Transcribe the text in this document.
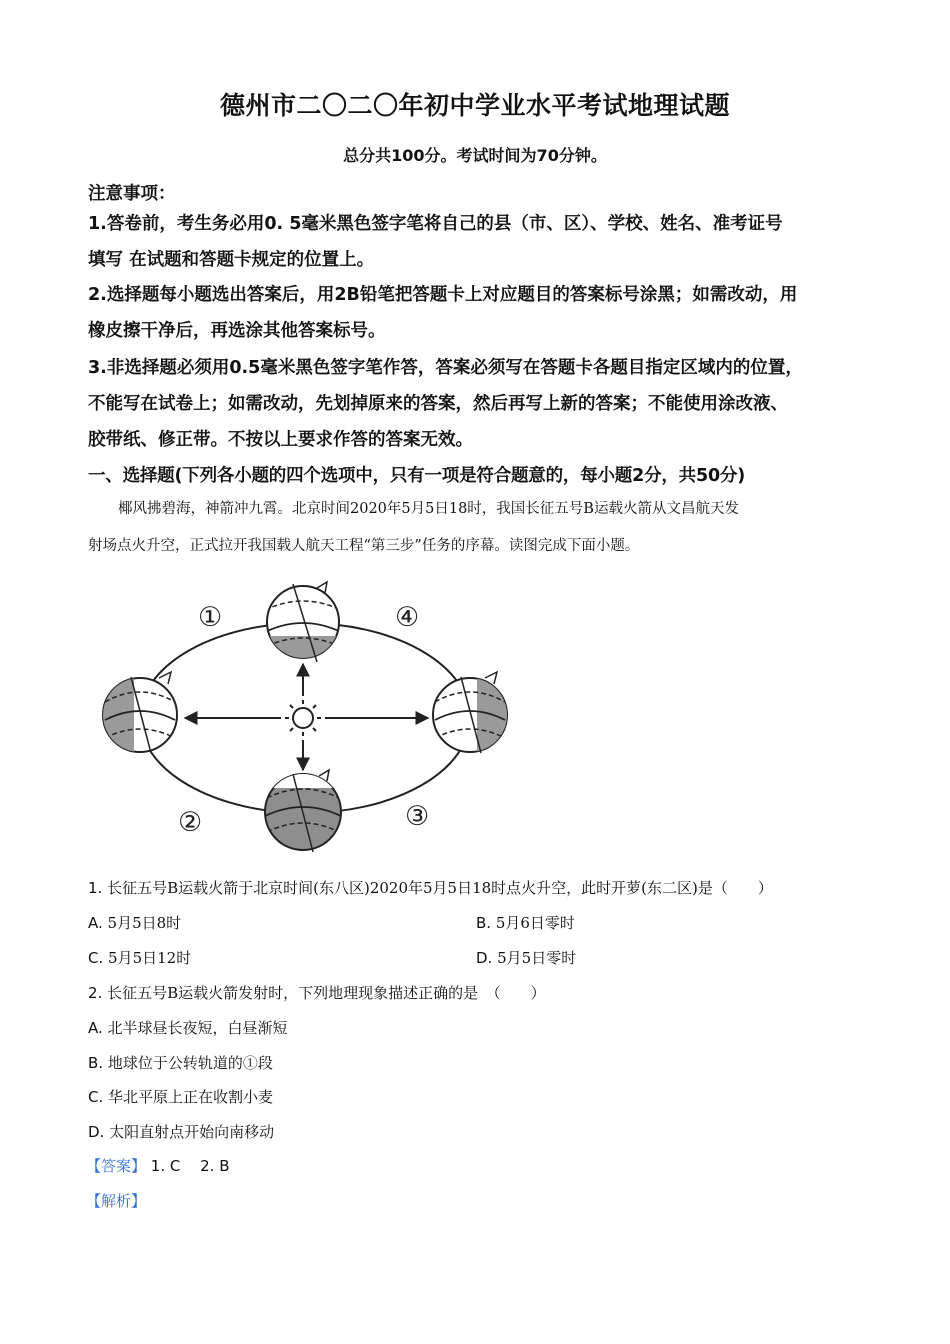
德州市二〇二〇年初中学业水平考试地理试题
总分共100分。考试时间为70分钟。
注意事项：
1.答卷前，考生务必用0. 5毫米黑色签字笔将自己的县（市、区）、学校、姓名、准考证号
填写 在试题和答题卡规定的位置上。
2.选择题每小题选出答案后，用2B铅笔把答题卡上对应题目的答案标号涂黑；如需改动，用
橡皮擦干净后，再选涂其他答案标号。
3.非选择题必须用0.5毫米黑色签字笔作答，答案必须写在答题卡各题目指定区域内的位置，
不能写在试卷上；如需改动，先划掉原来的答案，然后再写上新的答案；不能使用涂改液、
胶带纸、修正带。不按以上要求作答的答案无效。
一、选择题(下列各小题的四个选项中，只有一项是符合题意的，每小题2分，共50分)
椰风拂碧海，神箭冲九霄。北京时间2020年5月5日18时，我国长征五号B运载火箭从文昌航天发
射场点火升空，正式拉开我国载人航天工程“第三步”任务的序幕。读图完成下面小题。
①
②	③
④
1. 长征五号B运载火箭于北京时间(东八区)2020年5月5日18时点火升空，此时开萝(东二区)是（　　）
A. 5月5日8时	B. 5月6日零时
C. 5月5日12时	D. 5月5日零时
2. 长征五号B运载火箭发射时，下列地理现象描述正确的是　（　　）
A. 北半球昼长夜短，白昼渐短
B. 地球位于公转轨道的①段
C. 华北平原上正在收割小麦
D. 太阳直射点开始向南移动
【答案】 1. C　 2. B
【解析】
